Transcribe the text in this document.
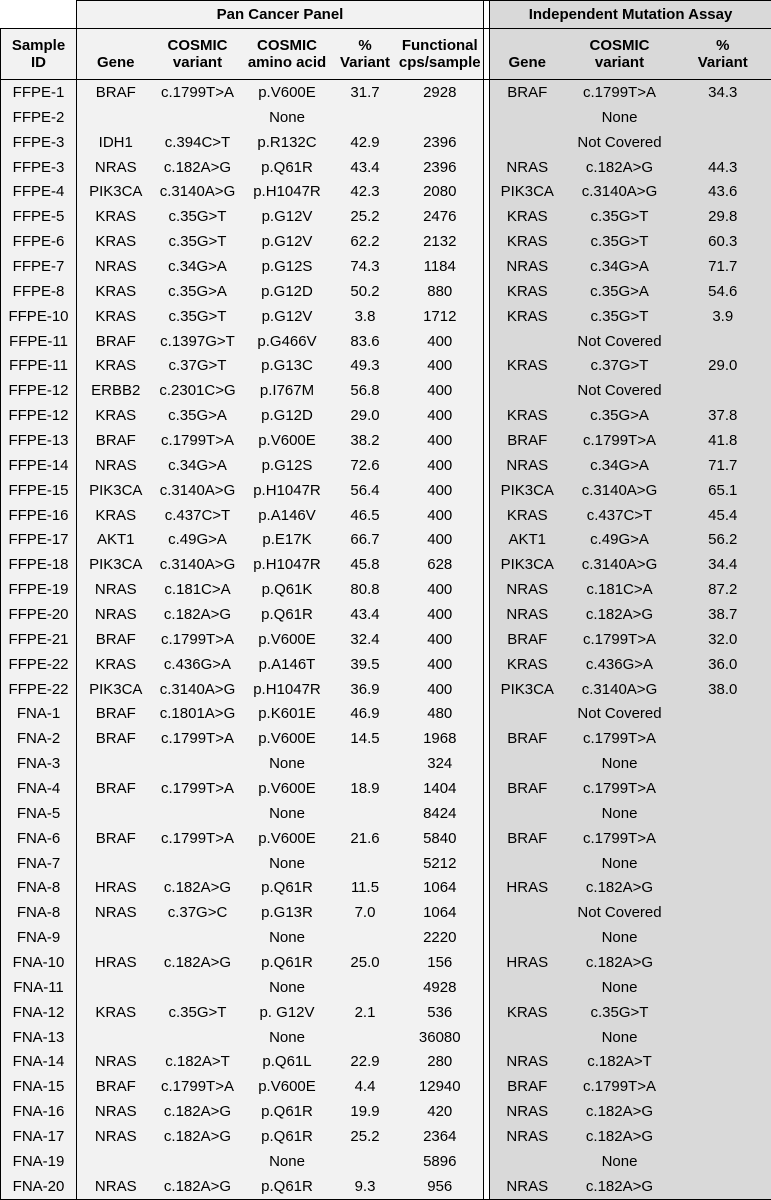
	Pan Cancer Panel						Independent Mutation Assay		
Sample		COSMIC	COSMIC	%	Functional			COSMIC	%
ID	Gene	variant	amino acid	Variant	cps/sample		Gene	variant	Variant
FFPE-1	BRAF	c.1799T>A	p.V600E	31.7	2928		BRAF	c.1799T>A	34.3
FFPE-2			None					None	
FFPE-3	IDH1	c.394C>T	p.R132C	42.9	2396			Not Covered	
FFPE-3	NRAS	c.182A>G	p.Q61R	43.4	2396		NRAS	c.182A>G	44.3
FFPE-4	PIK3CA	c.3140A>G	p.H1047R	42.3	2080		PIK3CA	c.3140A>G	43.6
FFPE-5	KRAS	c.35G>T	p.G12V	25.2	2476		KRAS	c.35G>T	29.8
FFPE-6	KRAS	c.35G>T	p.G12V	62.2	2132		KRAS	c.35G>T	60.3
FFPE-7	NRAS	c.34G>A	p.G12S	74.3	1184		NRAS	c.34G>A	71.7
FFPE-8	KRAS	c.35G>A	p.G12D	50.2	880		KRAS	c.35G>A	54.6
FFPE-10	KRAS	c.35G>T	p.G12V	3.8	1712		KRAS	c.35G>T	3.9
FFPE-11	BRAF	c.1397G>T	p.G466V	83.6	400			Not Covered	
FFPE-11	KRAS	c.37G>T	p.G13C	49.3	400		KRAS	c.37G>T	29.0
FFPE-12	ERBB2	c.2301C>G	p.I767M	56.8	400			Not Covered	
FFPE-12	KRAS	c.35G>A	p.G12D	29.0	400		KRAS	c.35G>A	37.8
FFPE-13	BRAF	c.1799T>A	p.V600E	38.2	400		BRAF	c.1799T>A	41.8
FFPE-14	NRAS	c.34G>A	p.G12S	72.6	400		NRAS	c.34G>A	71.7
FFPE-15	PIK3CA	c.3140A>G	p.H1047R	56.4	400		PIK3CA	c.3140A>G	65.1
FFPE-16	KRAS	c.437C>T	p.A146V	46.5	400		KRAS	c.437C>T	45.4
FFPE-17	AKT1	c.49G>A	p.E17K	66.7	400		AKT1	c.49G>A	56.2
FFPE-18	PIK3CA	c.3140A>G	p.H1047R	45.8	628		PIK3CA	c.3140A>G	34.4
FFPE-19	NRAS	c.181C>A	p.Q61K	80.8	400		NRAS	c.181C>A	87.2
FFPE-20	NRAS	c.182A>G	p.Q61R	43.4	400		NRAS	c.182A>G	38.7
FFPE-21	BRAF	c.1799T>A	p.V600E	32.4	400		BRAF	c.1799T>A	32.0
FFPE-22	KRAS	c.436G>A	p.A146T	39.5	400		KRAS	c.436G>A	36.0
FFPE-22	PIK3CA	c.3140A>G	p.H1047R	36.9	400		PIK3CA	c.3140A>G	38.0
FNA-1	BRAF	c.1801A>G	p.K601E	46.9	480			Not Covered	
FNA-2	BRAF	c.1799T>A	p.V600E	14.5	1968		BRAF	c.1799T>A	
FNA-3			None		324			None	
FNA-4	BRAF	c.1799T>A	p.V600E	18.9	1404		BRAF	c.1799T>A	
FNA-5			None		8424			None	
FNA-6	BRAF	c.1799T>A	p.V600E	21.6	5840		BRAF	c.1799T>A	
FNA-7			None		5212			None	
FNA-8	HRAS	c.182A>G	p.Q61R	11.5	1064		HRAS	c.182A>G	
FNA-8	NRAS	c.37G>C	p.G13R	7.0	1064			Not Covered	
FNA-9			None		2220			None	
FNA-10	HRAS	c.182A>G	p.Q61R	25.0	156		HRAS	c.182A>G	
FNA-11			None		4928			None	
FNA-12	KRAS	c.35G>T	p. G12V	2.1	536		KRAS	c.35G>T	
FNA-13			None		36080			None	
FNA-14	NRAS	c.182A>T	p.Q61L	22.9	280		NRAS	c.182A>T	
FNA-15	BRAF	c.1799T>A	p.V600E	4.4	12940		BRAF	c.1799T>A	
FNA-16	NRAS	c.182A>G	p.Q61R	19.9	420		NRAS	c.182A>G	
FNA-17	NRAS	c.182A>G	p.Q61R	25.2	2364		NRAS	c.182A>G	
FNA-19			None		5896			None	
FNA-20	NRAS	c.182A>G	p.Q61R	9.3	956		NRAS	c.182A>G	
